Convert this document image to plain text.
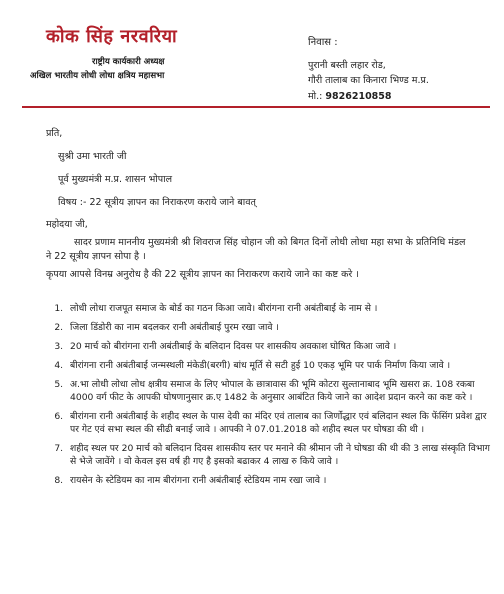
कोक सिंह नरवरिया
राष्ट्रीय कार्यकारी अध्यक्ष
अखिल भारतीय लोधी लोधा क्षत्रिय महासभा
निवास :
पुरानी बस्ती लहार रोड,
गौरी तालाब का किनारा भिण्ड म.प्र.
मो.: 9826210858
प्रति,
सुश्री उमा भारती जी
पूर्व मुख्यमंत्री म.प्र. शासन भोपाल
विषय :- 22 सूत्रीय ज्ञापन का निराकरण कराये जाने बावत्
महोदया जी,
सादर प्रणाम माननीय मुख्यमंत्री श्री शिवराज सिंह चोहान जी को बिगत दिनों लोधी लोधा महा सभा के प्रतिनिधि मंडल ने 22 सूत्रीय ज्ञापन सोपा है ।
कृपया आपसे विनम्र अनुरोध है की 22 सूत्रीय ज्ञापन का निराकरण कराये जाने का कष्ट करे ।
1. लोधी लोधा राजपूत समाज के बोर्ड का गठन किआ जावे। बीरांगना रानी अबंतीबाई के नाम से ।
2. जिला डिंडोरी का नाम बदलकर रानी अबंतीबाई पुरम रखा जावे ।
3. 20 मार्च को बीरांगना रानी अबंतीबाई के बलिदान दिवस पर शासकीय अवकाश घोषित किआ जावे ।
4. बीरांगना रानी अबंतीबाई जन्मस्थली मंकेडी(बरगी) बांध मूर्ति से सटी हुई 10 एकड़ भूमि पर पार्क निर्माण किया जावे ।
5. अ.भा लोधी लोधा लोध क्षत्रीय समाज के लिए भोपाल के छात्रावास की भूमि कोटरा सुल्तानाबाद भूमि खसरा क्र. 108 रकबा 4000 वर्ग फीट के आपकी घोषणानुसार क्र.ए 1482 के अनुसार आबंटित किये जाने का आदेश प्रदान करने का कष्ट करे ।
6. बीरांगना रानी अबंतीबाई के शहीद स्थल के पास देवी का मंदिर एवं तालाब का जिर्णोद्धार एवं बलिदान स्थल कि फेंसिंग प्रवेश द्वार पर गेट एवं सभा स्थल की सीढी बनाई जावे । आपकी ने 07.01.2018 को शहीद स्थल पर घोषडा की थी ।
7. शहीद स्थल पर 20 मार्च को बलिदान दिवस शासकीय स्तर पर मनाने की श्रीमान जी ने घोषडा की थी की 3 लाख संस्कृति विभाग से भेजे जावेंगे । वो केवल इस वर्ष ही गए है इसको बढाकर 4 लाख रु किये जावे ।
8. रायसेन के स्टेडियम का नाम बीरांगना रानी अबंतीबाई स्टेडियम नाम रखा जावे ।
